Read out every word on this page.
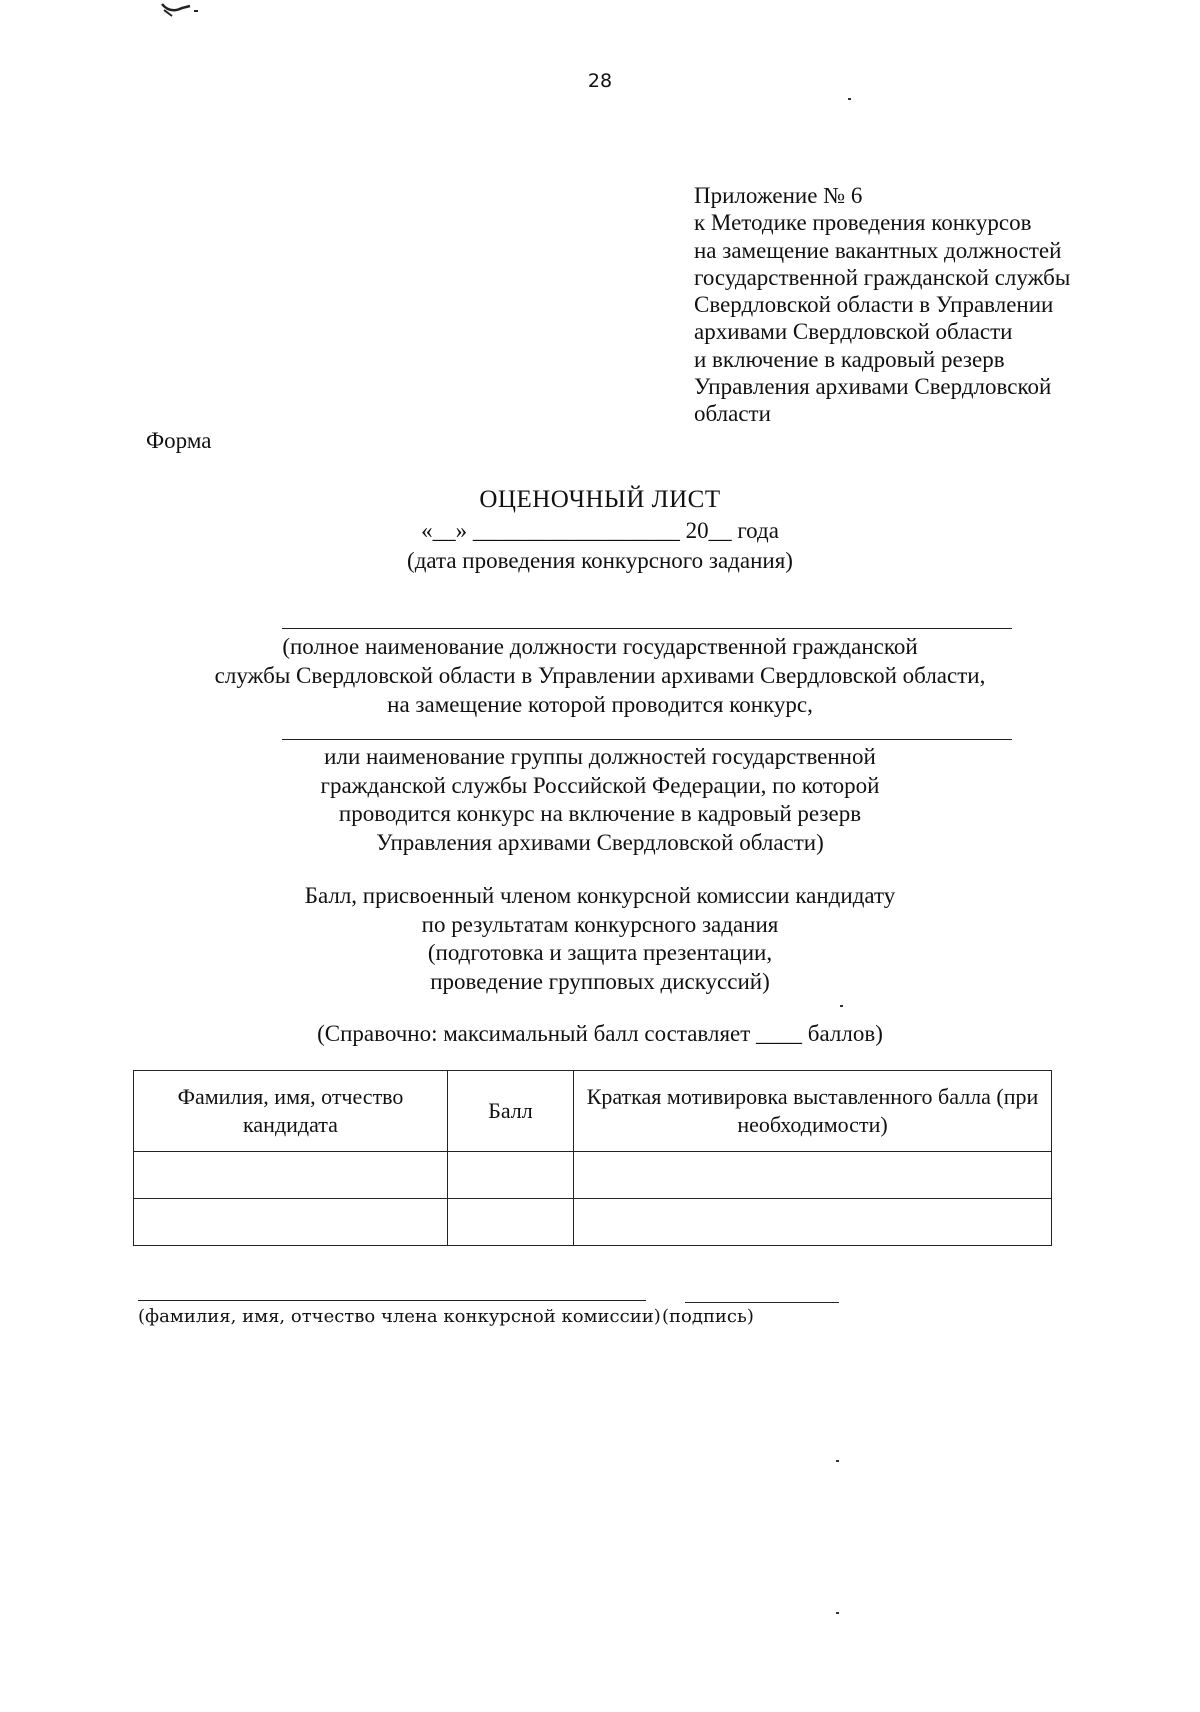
28
Приложение № 6
к Методике проведения конкурсов
на замещение вакантных должностей
государственной гражданской службы
Свердловской области в Управлении
архивами Свердловской области
и включение в кадровый резерв
Управления архивами Свердловской
области
Форма
ОЦЕНОЧНЫЙ ЛИСТ
«__» __________________ 20__ года
(дата проведения конкурсного задания)
(полное наименование должности государственной гражданской
службы Свердловской области в Управлении архивами Свердловской области,
на замещение которой проводится конкурс,
или наименование группы должностей государственной
гражданской службы Российской Федерации, по которой
проводится конкурс на включение в кадровый резерв
Управления архивами Свердловской области)
Балл, присвоенный членом конкурсной комиссии кандидату
по результатам конкурсного задания
(подготовка и защита презентации,
проведение групповых дискуссий)
(Справочно: максимальный балл составляет ____ баллов)
Фамилия, имя, отчество кандидата	Балл	Краткая мотивировка выставленного балла (при необходимости)

(фамилия, имя, отчество члена конкурсной комиссии) (подпись)
